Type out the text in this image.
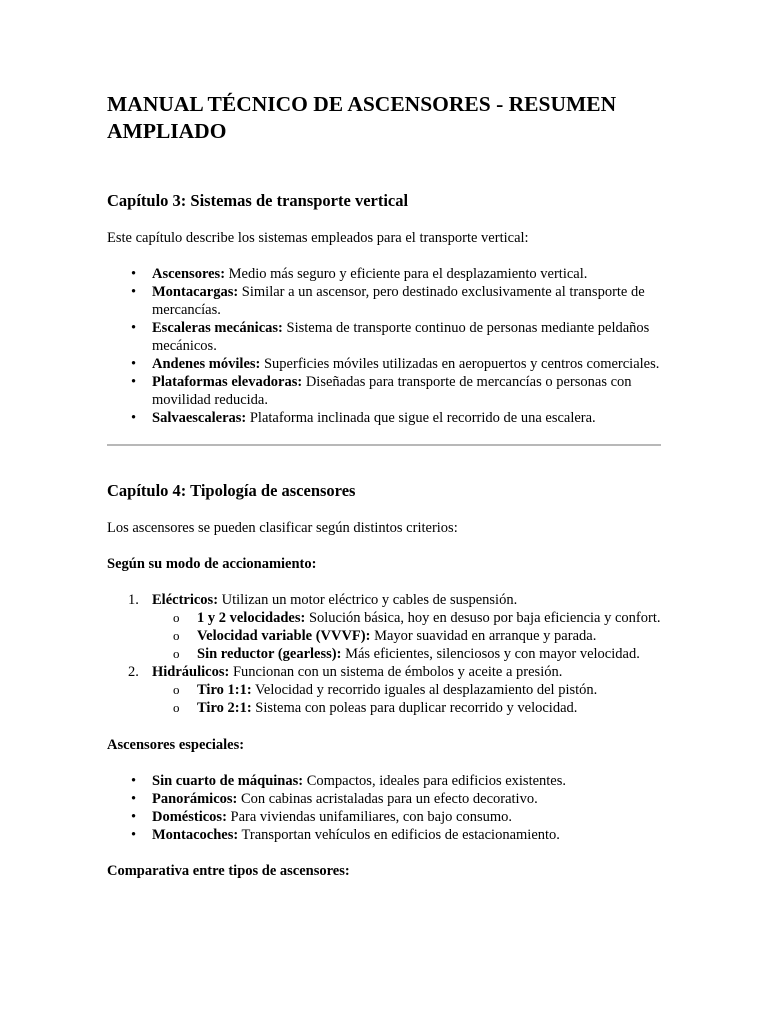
MANUAL TÉCNICO DE ASCENSORES - RESUMEN AMPLIADO
Capítulo 3: Sistemas de transporte vertical

Este capítulo describe los sistemas empleados para el transporte vertical:

• Ascensores: Medio más seguro y eficiente para el desplazamiento vertical.
• Montacargas: Similar a un ascensor, pero destinado exclusivamente al transporte de mercancías.
• Escaleras mecánicas: Sistema de transporte continuo de personas mediante peldaños mecánicos.
• Andenes móviles: Superficies móviles utilizadas en aeropuertos y centros comerciales.
• Plataformas elevadoras: Diseñadas para transporte de mercancías o personas con movilidad reducida.
• Salvaescaleras: Plataforma inclinada que sigue el recorrido de una escalera.
Capítulo 4: Tipología de ascensores

Los ascensores se pueden clasificar según distintos criterios:

Según su modo de accionamiento:

1. Eléctricos: Utilizan un motor eléctrico y cables de suspensión.
o 1 y 2 velocidades: Solución básica, hoy en desuso por baja eficiencia y confort.
o Velocidad variable (VVVF): Mayor suavidad en arranque y parada.
o Sin reductor (gearless): Más eficientes, silenciosos y con mayor velocidad.
2. Hidráulicos: Funcionan con un sistema de émbolos y aceite a presión.
o Tiro 1:1: Velocidad y recorrido iguales al desplazamiento del pistón.
o Tiro 2:1: Sistema con poleas para duplicar recorrido y velocidad.

Ascensores especiales:

• Sin cuarto de máquinas: Compactos, ideales para edificios existentes.
• Panorámicos: Con cabinas acristaladas para un efecto decorativo.
• Domésticos: Para viviendas unifamiliares, con bajo consumo.
• Montacoches: Transportan vehículos en edificios de estacionamiento.

Comparativa entre tipos de ascensores:
